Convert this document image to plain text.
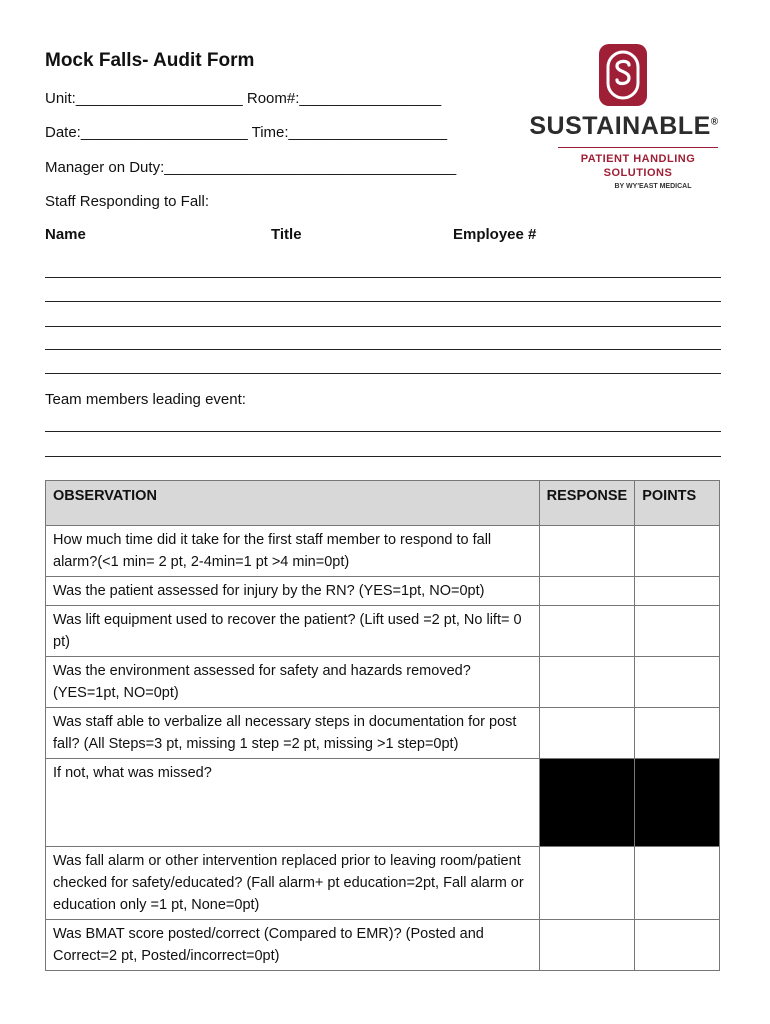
Mock Falls- Audit Form
Unit:____________________ Room#:_________________
Date:____________________ Time:___________________
Manager on Duty:___________________________________
Staff Responding to Fall:
Name	Title	Employee #
Team members leading event:
SUSTAINABLE®
PATIENT HANDLING
SOLUTIONS
BY WY'EAST MEDICAL
OBSERVATION	RESPONSE	POINTS
How much time did it take for the first staff member to respond to fall alarm?(<1 min= 2 pt, 2-4min=1 pt >4 min=0pt)		
Was the patient assessed for injury by the RN? (YES=1pt, NO=0pt)		
Was lift equipment used to recover the patient? (Lift used =2 pt, No lift= 0 pt)		
Was the environment assessed for safety and hazards removed? (YES=1pt, NO=0pt)		
Was staff able to verbalize all necessary steps in documentation for post fall? (All Steps=3 pt, missing 1 step =2 pt, missing >1 step=0pt)		
If not, what was missed?		
Was fall alarm or other intervention replaced prior to leaving room/patient checked for safety/educated? (Fall alarm+ pt education=2pt, Fall alarm or education only =1 pt, None=0pt)		
Was BMAT score posted/correct (Compared to EMR)? (Posted and Correct=2 pt, Posted/incorrect=0pt)		
